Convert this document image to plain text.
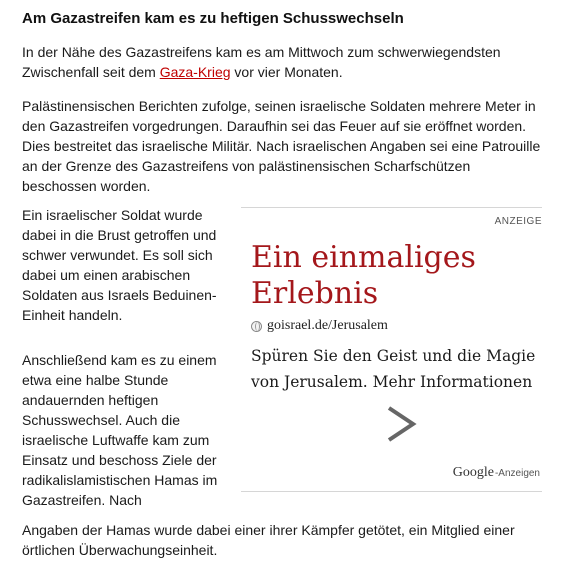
Am Gazastreifen kam es zu heftigen Schusswechseln

In der Nähe des Gazastreifens kam es am Mittwoch zum schwerwiegendsten Zwischenfall seit dem Gaza-Krieg vor vier Monaten.

Palästinensischen Berichten zufolge, seinen israelische Soldaten mehrere Meter in den Gazastreifen vorgedrungen. Daraufhin sei das Feuer auf sie eröffnet worden. Dies bestreitet das israelische Militär. Nach israelischen Angaben sei eine Patrouille an der Grenze des Gazastreifens von palästinensischen Scharfschützen beschossen worden.

Ein israelischer Soldat wurde dabei in die Brust getroffen und schwer verwundet. Es soll sich dabei um einen arabischen Soldaten aus Israels Beduinen-Einheit handeln.

Anschließend kam es zu einem etwa eine halbe Stunde andauernden heftigen Schusswechsel. Auch die israelische Luftwaffe kam zum Einsatz und beschoss Ziele der radikalislamistischen Hamas im Gazastreifen. Nach

Angaben der Hamas wurde dabei einer ihrer Kämpfer getötet, ein Mitglied einer örtlichen Überwachungseinheit.

ANZEIGE
Ein einmaliges Erlebnis
goisrael.de/Jerusalem

Spüren Sie den Geist und die Magie von Jerusalem. Mehr Informationen

Google -Anzeigen
